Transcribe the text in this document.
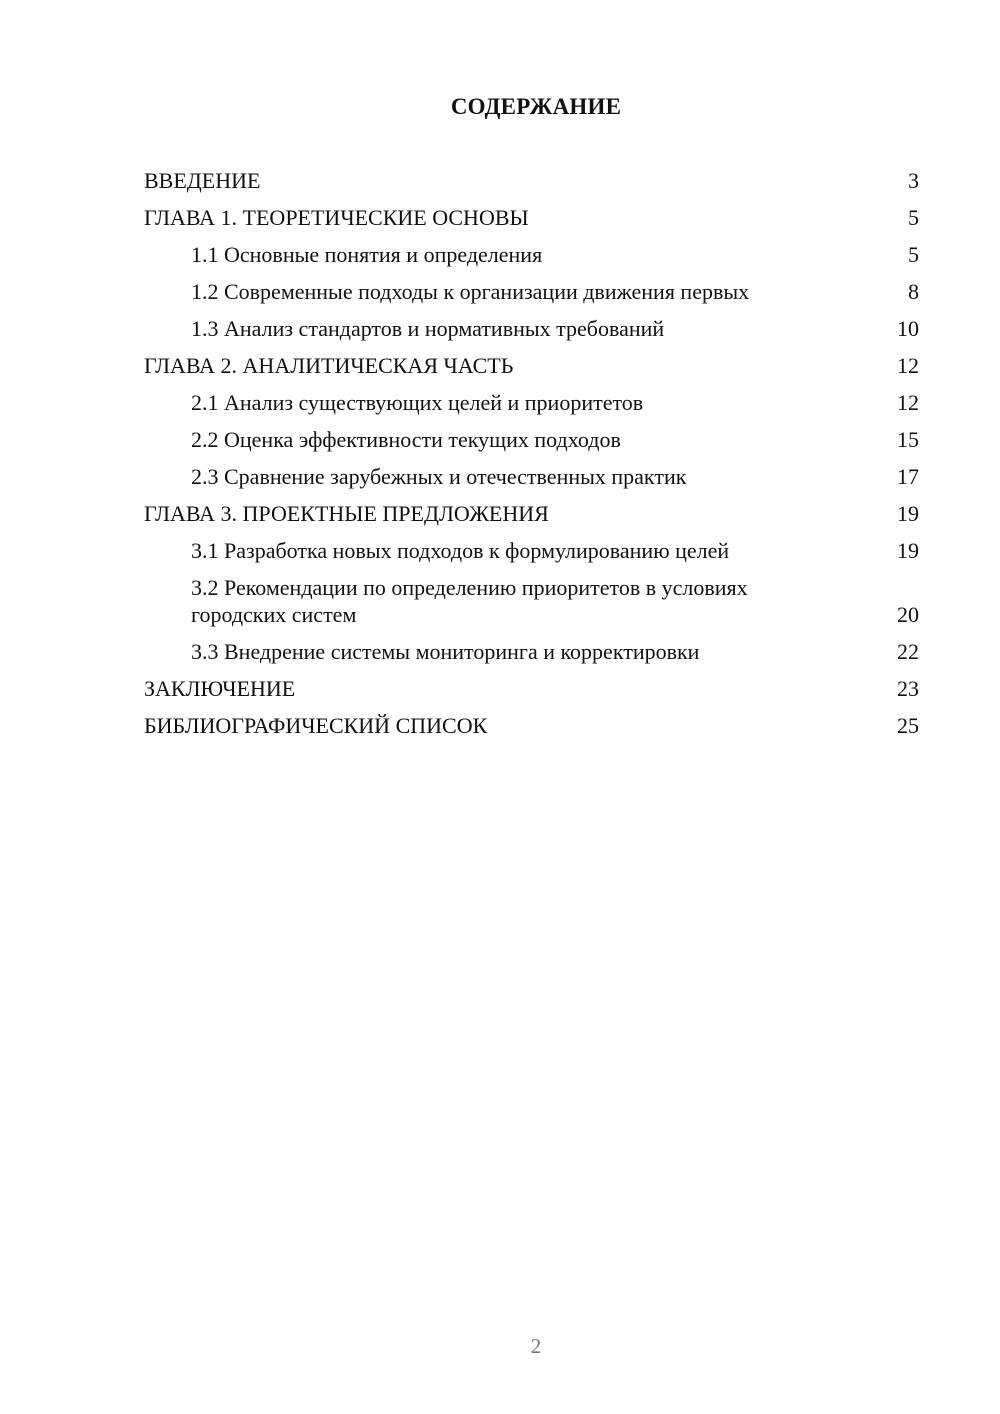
СОДЕРЖАНИЕ
ВВЕДЕНИЕ	3
ГЛАВА 1. ТЕОРЕТИЧЕСКИЕ ОСНОВЫ	5
1.1 Основные понятия и определения	5
1.2 Современные подходы к организации движения первых	8
1.3 Анализ стандартов и нормативных требований	10
ГЛАВА 2. АНАЛИТИЧЕСКАЯ ЧАСТЬ	12
2.1 Анализ существующих целей и приоритетов	12
2.2 Оценка эффективности текущих подходов	15
2.3 Сравнение зарубежных и отечественных практик	17
ГЛАВА 3. ПРОЕКТНЫЕ ПРЕДЛОЖЕНИЯ	19
3.1 Разработка новых подходов к формулированию целей	19
3.2 Рекомендации по определению приоритетов в условиях городских систем	20
3.3 Внедрение системы мониторинга и корректировки	22
ЗАКЛЮЧЕНИЕ	23
БИБЛИОГРАФИЧЕСКИЙ СПИСОК	25
2
